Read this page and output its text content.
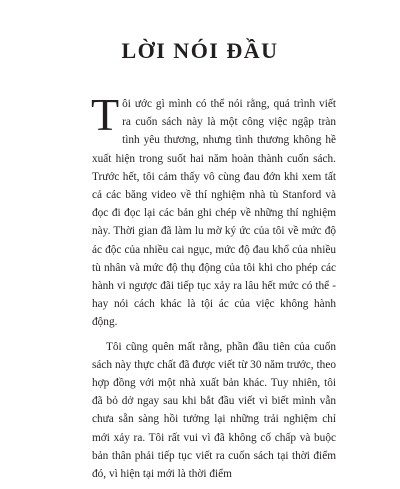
LỜI NÓI ĐẦU

Tôi ước gì mình có thể nói rằng, quá trình viết ra cuốn sách này là một công việc ngập tràn tình yêu thương, nhưng tình thương không hề xuất hiện trong suốt hai năm hoàn thành cuốn sách. Trước hết, tôi cảm thấy vô cùng đau đớn khi xem tất cả các băng video về thí nghiệm nhà tù Stanford và đọc đi đọc lại các bản ghi chép về những thí nghiệm này. Thời gian đã làm lu mờ ký ức của tôi về mức độ ác độc của nhiều cai ngục, mức độ đau khổ của nhiều tù nhân và mức độ thụ động của tôi khi cho phép các hành vi ngược đãi tiếp tục xảy ra lâu hết mức có thể - hay nói cách khác là tội ác của việc không hành động.

Tôi cũng quên mất rằng, phần đầu tiên của cuốn sách này thực chất đã được viết từ 30 năm trước, theo hợp đồng với một nhà xuất bản khác. Tuy nhiên, tôi đã bỏ dở ngay sau khi bắt đầu viết vì biết mình vẫn chưa sẵn sàng hồi tưởng lại những trải nghiệm chỉ mới xảy ra. Tôi rất vui vì đã không cố chấp và buộc bản thân phải tiếp tục viết ra cuốn sách tại thời điểm đó, vì hiện tại mới là thời điểm
